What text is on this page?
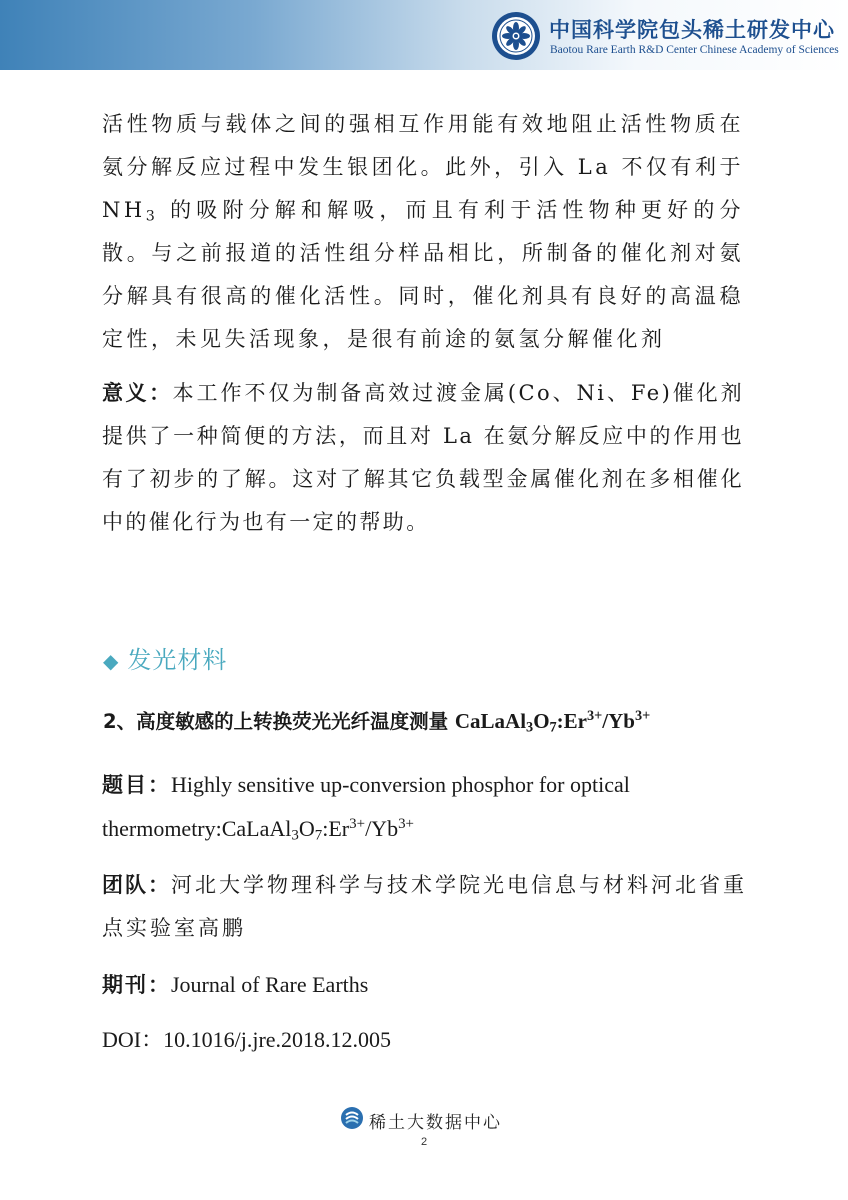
中国科学院包头稀土研发中心
Baotou Rare Earth R&D Center Chinese Academy of Sciences

活性物质与载体之间的强相互作用能有效地阻止活性物质在氨分解反应过程中发生银团化。此外，引入 La 不仅有利于 $NH_3$ 的吸附分解和解吸，而且有利于活性物种更好的分散。与之前报道的活性组分样品相比，所制备的催化剂对氨分解具有很高的催化活性。同时，催化剂具有良好的高温稳定性，未见失活现象，是很有前途的氨氢分解催化剂

意义：本工作不仅为制备高效过渡金属(Co、Ni、Fe)催化剂提供了一种简便的方法，而且对 La 在氨分解反应中的作用也有了初步的了解。这对了解其它负载型金属催化剂在多相催化中的催化行为也有一定的帮助。

◆ 发光材料
2、高度敏感的上转换荧光光纤温度测量 $CaLaAl_3O_7:Er^{3+}/Yb^{3+}$

题目：Highly sensitive up-conversion phosphor for optical $thermometry:CaLaAl_3O_7:Er^{3+}/Yb^{3+}$

团队：河北大学物理科学与技术学院光电信息与材料河北省重点实验室高鹏

期刊：Journal of Rare Earths

DOI：10.1016/j.jre.2018.12.005

稀土大数据中心
2
